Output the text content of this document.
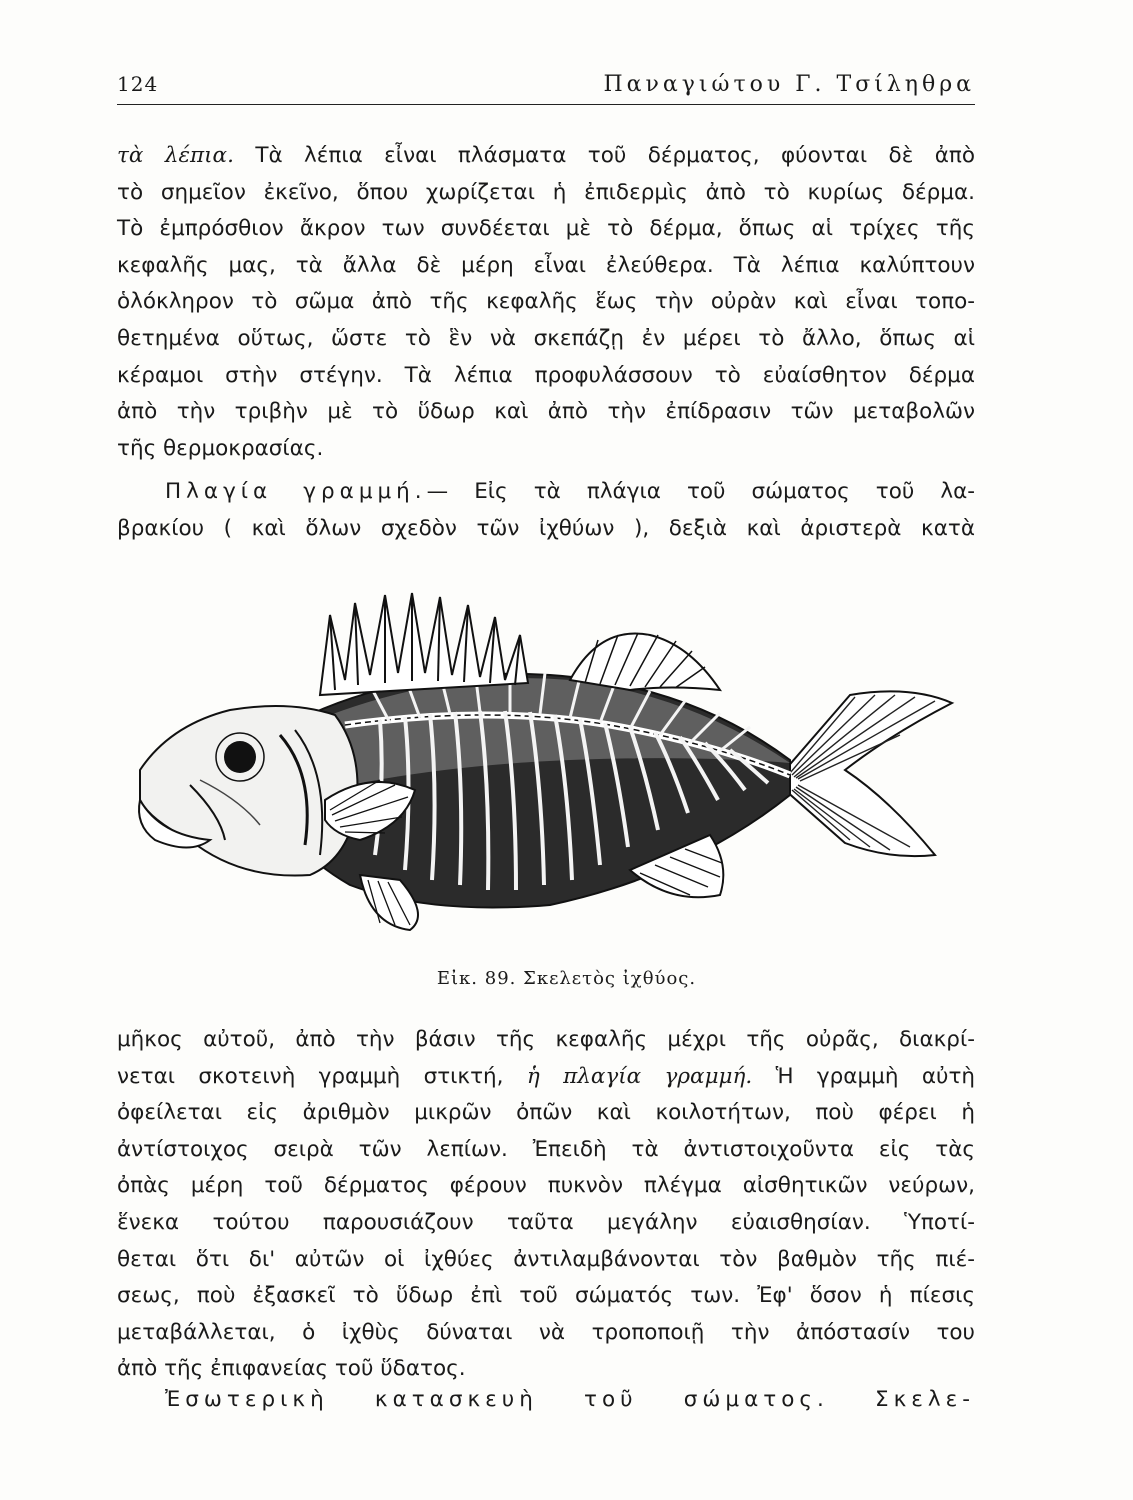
124	Παναγιώτου Γ. Τσίληθρα
τὰ λέπια. Τὰ λέπια εἶναι πλάσματα τοῦ δέρματος, φύονται δὲ ἀπὸ
τὸ σημεῖον ἐκεῖνο, ὅπου χωρίζεται ἡ ἐπιδερμὶς ἀπὸ τὸ κυρίως δέρμα.
Τὸ ἐμπρόσθιον ἄκρον των συνδέεται μὲ τὸ δέρμα, ὅπως αἱ τρίχες τῆς
κεφαλῆς μας, τὰ ἄλλα δὲ μέρη εἶναι ἐλεύθερα. Τὰ λέπια καλύπτουν
ὁλόκληρον τὸ σῶμα ἀπὸ τῆς κεφαλῆς ἕως τὴν οὐρὰν καὶ εἶναι τοπο-
θετημένα οὕτως, ὥστε τὸ ἓν νὰ σκεπάζῃ ἐν μέρει τὸ ἄλλο, ὅπως αἱ
κέραμοι στὴν στέγην. Τὰ λέπια προφυλάσσουν τὸ εὐαίσθητον δέρμα
ἀπὸ τὴν τριβὴν μὲ τὸ ὕδωρ καὶ ἀπὸ τὴν ἐπίδρασιν τῶν μεταβολῶν
τῆς θερμοκρασίας.
Πλαγία γραμμή.— Εἰς τὰ πλάγια τοῦ σώματος τοῦ λα-
βρακίου ( καὶ ὅλων σχεδὸν τῶν ἰχθύων ), δεξιὰ καὶ ἀριστερὰ κατὰ
Εἰκ. 89. Σκελετὸς ἰχθύος.
μῆκος αὐτοῦ, ἀπὸ τὴν βάσιν τῆς κεφαλῆς μέχρι τῆς οὐρᾶς, διακρί-
νεται σκοτεινὴ γραμμὴ στικτή, ἡ πλαγία γραμμή. Ἡ γραμμὴ αὐτὴ
ὀφείλεται εἰς ἀριθμὸν μικρῶν ὀπῶν καὶ κοιλοτήτων, ποὺ φέρει ἡ
ἀντίστοιχος σειρὰ τῶν λεπίων. Ἐπειδὴ τὰ ἀντιστοιχοῦντα εἰς τὰς
ὀπὰς μέρη τοῦ δέρματος φέρουν πυκνὸν πλέγμα αἰσθητικῶν νεύρων,
ἕνεκα τούτου παρουσιάζουν ταῦτα μεγάλην εὐαισθησίαν. Ὑποτί-
θεται ὅτι δι' αὐτῶν οἱ ἰχθύες ἀντιλαμβάνονται τὸν βαθμὸν τῆς πιέ-
σεως, ποὺ ἐξασκεῖ τὸ ὕδωρ ἐπὶ τοῦ σώματός των. Ἐφ' ὅσον ἡ πίεσις
μεταβάλλεται, ὁ ἰχθὺς δύναται νὰ τροποποιῇ τὴν ἀπόστασίν του
ἀπὸ τῆς ἐπιφανείας τοῦ ὕδατος.
Ἐσωτερικὴ κατασκευὴ τοῦ σώματος. Σκελε-
